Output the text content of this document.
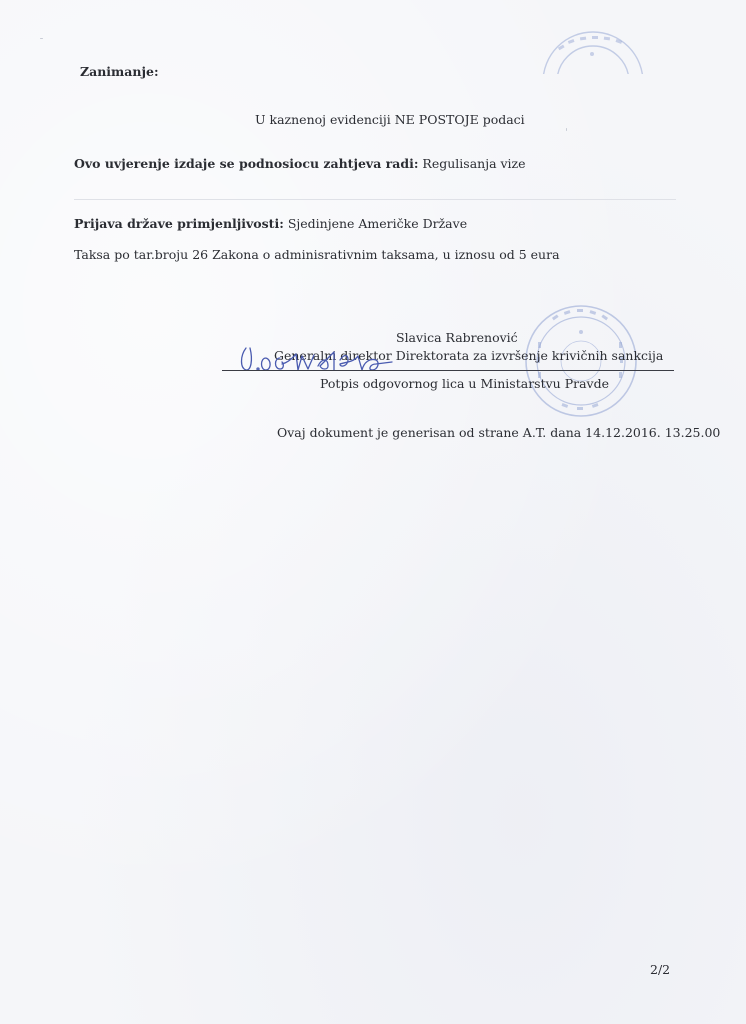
Zanimanje:
U kaznenoj evidenciji NE POSTOJE podaci
Ovo uvjerenje izdaje se podnosiocu zahtjeva radi: Regulisanja vize
Prijava države primjenljivosti: Sjedinjene Američke Države
Taksa po tar.broju 26 Zakona o adminisrativnim taksama, u iznosu od 5 eura
Slavica Rabrenović
Generalni direktor Direktorata za izvršenje krivičnih sankcija
Potpis odgovornog lica u Ministarstvu Pravde
Ovaj dokument je generisan od strane A.T. dana 14.12.2016. 13.25.00
2/2
